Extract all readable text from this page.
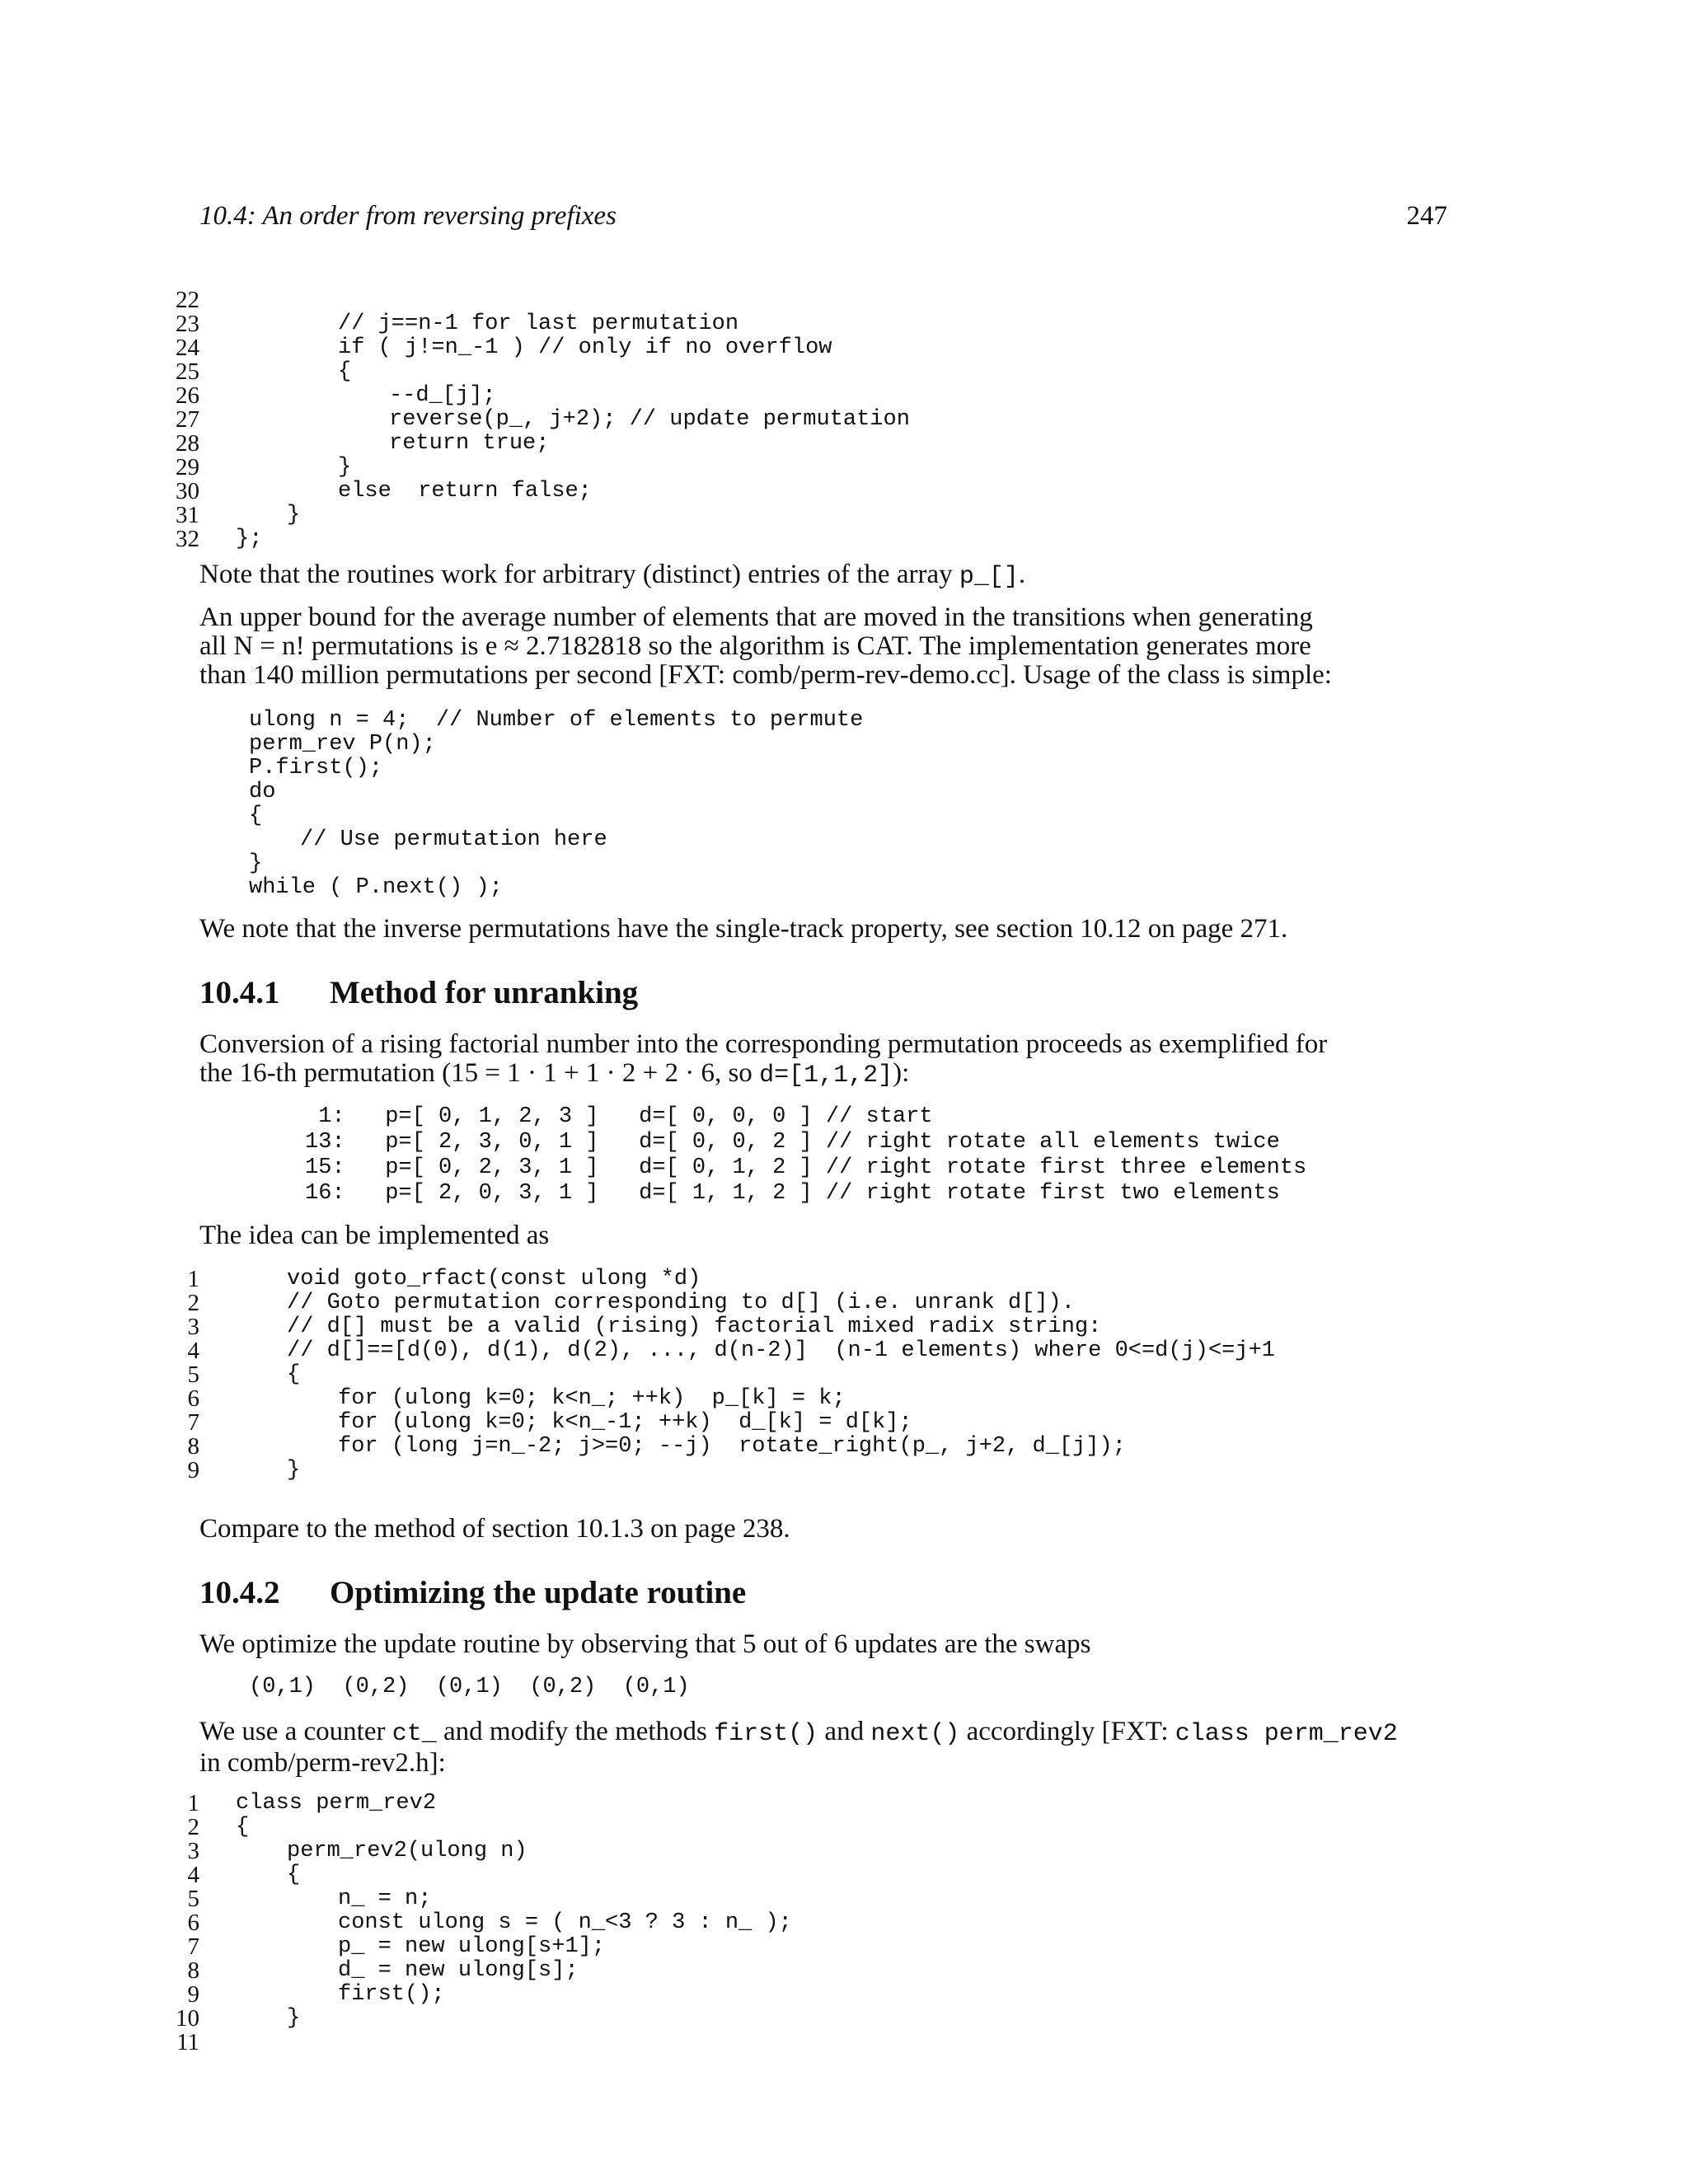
10.4: An order from reversing prefixes	247
22
23	// j==n-1 for last permutation
24	if ( j!=n_-1 ) // only if no overflow
25	{
26	--d_[j];
27	reverse(p_, j+2); // update permutation
28	return true;
29	}
30	else  return false;
31	}
32 };
Note that the routines work for arbitrary (distinct) entries of the array p_[].
An upper bound for the average number of elements that are moved in the transitions when generating
all N = n! permutations is e ≈ 2.7182818 so the algorithm is CAT. The implementation generates more
than 140 million permutations per second [FXT: comb/perm-rev-demo.cc]. Usage of the class is simple:
ulong n = 4;  // Number of elements to permute
perm_rev P(n);
P.first();
do
{
// Use permutation here
}
while ( P.next() );
We note that the inverse permutations have the single-track property, see section 10.12 on page 271.
10.4.1 Method for unranking
Conversion of a rising factorial number into the corresponding permutation proceeds as exemplified for
the 16-th permutation (15 = 1 · 1 + 1 · 2 + 2 · 6, so d=[1,1,2]):
1:   p=[ 0, 1, 2, 3 ]   d=[ 0, 0, 0 ] // start
13:   p=[ 2, 3, 0, 1 ]   d=[ 0, 0, 2 ] // right rotate all elements twice
15:   p=[ 0, 2, 3, 1 ]   d=[ 0, 1, 2 ] // right rotate first three elements
16:   p=[ 2, 0, 3, 1 ]   d=[ 1, 1, 2 ] // right rotate first two elements
The idea can be implemented as
1	void goto_rfact(const ulong *d)
2	// Goto permutation corresponding to d[] (i.e. unrank d[]).
3	// d[] must be a valid (rising) factorial mixed radix string:
4	// d[]==[d(0), d(1), d(2), ..., d(n-2)]  (n-1 elements) where 0<=d(j)<=j+1
5	{
6	for (ulong k=0; k<n_; ++k)  p_[k] = k;
7	for (ulong k=0; k<n_-1; ++k)  d_[k] = d[k];
8	for (long j=n_-2; j>=0; --j)  rotate_right(p_, j+2, d_[j]);
9	}
Compare to the method of section 10.1.3 on page 238.
10.4.2 Optimizing the update routine
We optimize the update routine by observing that 5 out of 6 updates are the swaps
(0,1)  (0,2)  (0,1)  (0,2)  (0,1)
We use a counter ct_ and modify the methods first() and next() accordingly [FXT: class perm_rev2
in comb/perm-rev2.h]:
1 class perm_rev2
2 {
3	perm_rev2(ulong n)
4	{
5	n_ = n;
6	const ulong s = ( n_<3 ? 3 : n_ );
7	p_ = new ulong[s+1];
8	d_ = new ulong[s];
9	first();
10	}
11
